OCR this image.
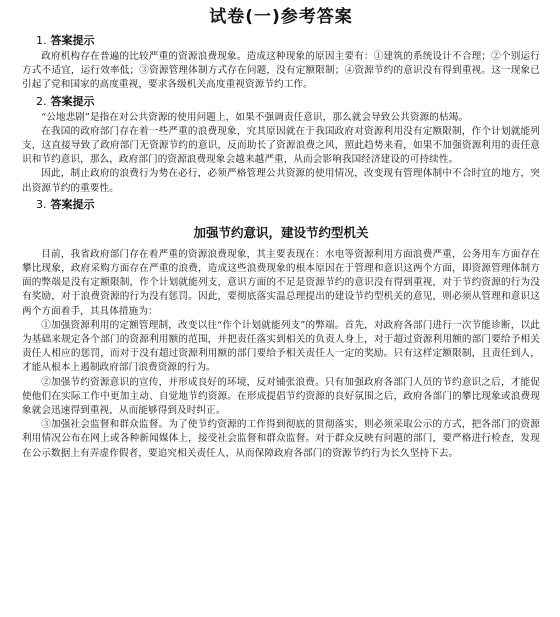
试卷(一)参考答案
1. 答案提示

政府机构存在普遍的比较严重的资源浪费现象。造成这种现象的原因主要有：①建筑的系统设计不合理；②个别运行方式不适宜，运行效率低；③资源管理体制方式存在问题，没有定额限制；④资源节约的意识没有得到重视。这一现象已引起了党和国家的高度重视，要求各级机关高度重视资源节约工作。

2. 答案提示

“公地悲剧”是指在对公共资源的使用问题上，如果不强调责任意识，那么就会导致公共资源的枯竭。

在我国的政府部门存在着一些严重的浪费现象，究其原因就在于我国政府对资源利用没有定额限制，作个计划就能列支，这直接导致了政府部门无资源节约的意识，反而助长了资源浪费之风，照此趋势来看，如果不加强资源利用的责任意识和节约意识，那么，政府部门的资源浪费现象会越来越严重，从而会影响我国经济建设的可持续性。

因此，制止政府的浪费行为势在必行，必须严格管理公共资源的使用情况，改变现有管理体制中不合时宜的地方，突出资源节约的重要性。

3. 答案提示
加强节约意识，建设节约型机关

目前，我省政府部门存在着严重的资源浪费现象，其主要表现在：水电等资源利用方面浪费严重，公务用车方面存在攀比现象，政府采购方面存在严重的浪费，造成这些浪费现象的根本原因在于管理和意识这两个方面，即资源管理体制方面的弊端是没有定额限制，作个计划就能列支，意识方面的不足是资源节约的意识没有得到重视，对于节约资源的行为没有奖励，对于浪费资源的行为没有惩罚。因此，要彻底落实温总理提出的建设节约型机关的意见，则必须从管理和意识这两个方面着手，其具体措施为：

①加强资源利用的定额管理制，改变以往“作个计划就能列支”的弊端。首先，对政府各部门进行一次节能诊断，以此为基础来规定各个部门的资源利用额的范围，并把责任落实到相关的负责人身上，对于超过资源利用额的部门要给予相关责任人相应的惩罚，而对于没有超过资源利用额的部门要给予相关责任人一定的奖励。只有这样定额限制，且责任到人，才能从根本上遏制政府部门浪费资源的行为。

②加强节约资源意识的宣传，并形成良好的环境，反对铺张浪费。只有加强政府各部门人员的节约意识之后，才能促使他们在实际工作中更加主动、自觉地节约资源。在形成提倡节约资源的良好氛围之后，政府各部门的攀比现象或浪费现象就会迅速得到重视，从而能够得到及时纠正。

③加强社会监督和群众监督。为了使节约资源的工作得到彻底的贯彻落实，则必须采取公示的方式，把各部门的资源利用情况公布在网上或各种新闻媒体上，接受社会监督和群众监督。对于群众反映有问题的部门，要严格进行检查，发现在公示数据上有弄虚作假者，要追究相关责任人，从而保障政府各部门的资源节约行为长久坚持下去。
